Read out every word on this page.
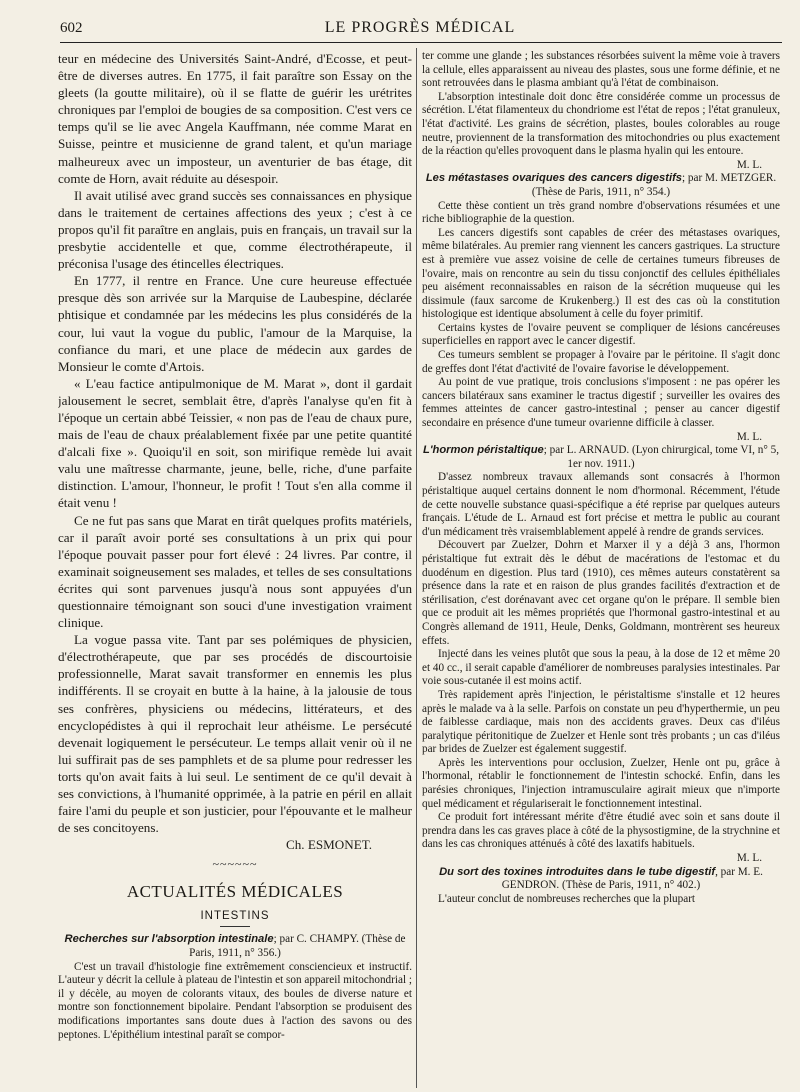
602	LE PROGRÈS MÉDICAL

teur en médecine des Universités Saint-André, d'Ecosse, et peut-être de diverses autres. En 1775, il fait paraître son Essay on the gleets (la goutte militaire), où il se flatte de guérir les urétrites chroniques par l'emploi de bougies de sa composition. C'est vers ce temps qu'il se lie avec Angela Kauffmann, née comme Marat en Suisse, peintre et musicienne de grand talent, et qu'un mariage malheureux avec un imposteur, un aventurier de bas étage, dit comte de Horn, avait réduite au désespoir.

Il avait utilisé avec grand succès ses connaissances en physique dans le traitement de certaines affections des yeux ; c'est à ce propos qu'il fit paraître en anglais, puis en français, un travail sur la presbytie accidentelle et que, comme électrothérapeute, il préconisa l'usage des étincelles électriques.

En 1777, il rentre en France. Une cure heureuse effectuée presque dès son arrivée sur la Marquise de Laubespine, déclarée phtisique et condamnée par les médecins les plus considérés de la cour, lui vaut la vogue du public, l'amour de la Marquise, la confiance du mari, et une place de médecin aux gardes de Monsieur le comte d'Artois.

« L'eau factice antipulmonique de M. Marat », dont il gardait jalousement le secret, semblait être, d'après l'analyse qu'en fit à l'époque un certain abbé Teissier, « non pas de l'eau de chaux pure, mais de l'eau de chaux préalablement fixée par une petite quantité d'alcali fixe ». Quoiqu'il en soit, son mirifique remède lui avait valu une maîtresse charmante, jeune, belle, riche, d'une parfaite distinction. L'amour, l'honneur, le profit ! Tout s'en alla comme il était venu !

Ce ne fut pas sans que Marat en tirât quelques profits matériels, car il paraît avoir porté ses consultations à un prix qui pour l'époque pouvait passer pour fort élevé : 24 livres. Par contre, il examinait soigneusement ses malades, et telles de ses consultations écrites qui sont parvenues jusqu'à nous sont appuyées d'un questionnaire témoignant son souci d'une investigation vraiment clinique.

La vogue passa vite. Tant par ses polémiques de physicien, d'électrothérapeute, que par ses procédés de discourtoisie professionnelle, Marat savait transformer en ennemis les plus indifférents. Il se croyait en butte à la haine, à la jalousie de tous ses confrères, physiciens ou médecins, littérateurs, et des encyclopédistes à qui il reprochait leur athéisme. Le persécuté devenait logiquement le persécuteur. Le temps allait venir où il ne lui suffirait pas de ses pamphlets et de sa plume pour redresser les torts qu'on avait faits à lui seul. Le sentiment de ce qu'il devait à ses convictions, à l'humanité opprimée, à la patrie en péril en allait faire l'ami du peuple et son justicier, pour l'épouvante et le malheur de ses concitoyens.

Ch. ESMONET.

~~~~~~
ACTUALITÉS MÉDICALES
INTESTINS

Recherches sur l'absorption intestinale; par C. CHAMPY. (Thèse de Paris, 1911, n° 356.)

C'est un travail d'histologie fine extrêmement consciencieux et instructif. L'auteur y décrit la cellule à plateau de l'intestin et son appareil mitochondrial ; il y décèle, au moyen de colorants vitaux, des boules de diverse nature et montre son fonctionnement bipolaire. Pendant l'absorption se produisent des modifications importantes sans doute dues à l'action des savons ou des peptones. L'épithélium intestinal paraît se compor-

ter comme une glande ; les substances résorbées suivent la même voie à travers la cellule, elles apparaissent au niveau des plastes, sous une forme définie, et ne sont retrouvées dans le plasma ambiant qu'à l'état de combinaison.

L'absorption intestinale doit donc être considérée comme un processus de sécrétion. L'état filamenteux du chondriome est l'état de repos ; l'état granuleux, l'état d'activité. Les grains de sécrétion, plastes, boules colorables au rouge neutre, proviennent de la transformation des mitochondries ou plus exactement de la réaction qu'elles provoquent dans le plasma hyalin qui les entoure.

M. L.

Les métastases ovariques des cancers digestifs; par M. METZGER. (Thèse de Paris, 1911, n° 354.)

Cette thèse contient un très grand nombre d'observations résumées et une riche bibliographie de la question.

Les cancers digestifs sont capables de créer des métastases ovariques, même bilatérales. Au premier rang viennent les cancers gastriques. La structure est à première vue assez voisine de celle de certaines tumeurs fibreuses de l'ovaire, mais on rencontre au sein du tissu conjonctif des cellules épithéliales peu aisément reconnaissables en raison de la sécrétion muqueuse qui les dissimule (faux sarcome de Krukenberg.) Il est des cas où la constitution histologique est identique absolument à celle du foyer primitif.

Certains kystes de l'ovaire peuvent se compliquer de lésions cancéreuses superficielles en rapport avec le cancer digestif.

Ces tumeurs semblent se propager à l'ovaire par le péritoine. Il s'agit donc de greffes dont l'état d'activité de l'ovaire favorise le développement.

Au point de vue pratique, trois conclusions s'imposent : ne pas opérer les cancers bilatéraux sans examiner le tractus digestif ; surveiller les ovaires des femmes atteintes de cancer gastro-intestinal ; penser au cancer digestif secondaire en présence d'une tumeur ovarienne difficile à classer.

M. L.

L'hormon péristaltique; par L. ARNAUD. (Lyon chirurgical, tome VI, n° 5, 1er nov. 1911.)

D'assez nombreux travaux allemands sont consacrés à l'hormon péristaltique auquel certains donnent le nom d'hormonal. Récemment, l'étude de cette nouvelle substance quasi-spécifique a été reprise par quelques auteurs français. L'étude de L. Arnaud est fort précise et mettra le public au courant d'un médicament très vraisemblablement appelé à rendre de grands services.

Découvert par Zuelzer, Dohrn et Marxer il y a déjà 3 ans, l'hormon péristaltique fut extrait dès le début de macérations de l'estomac et du duodénum en digestion. Plus tard (1910), ces mêmes auteurs constatèrent sa présence dans la rate et en raison de plus grandes facilités d'extraction et de stérilisation, c'est dorénavant avec cet organe qu'on le prépare. Il semble bien que ce produit ait les mêmes propriétés que l'hormonal gastro-intestinal et au Congrès allemand de 1911, Heule, Denks, Goldmann, montrèrent ses heureux effets.

Injecté dans les veines plutôt que sous la peau, à la dose de 12 et même 20 et 40 cc., il serait capable d'améliorer de nombreuses paralysies intestinales. Par voie sous-cutanée il est moins actif.

Très rapidement après l'injection, le péristaltisme s'installe et 12 heures après le malade va à la selle. Parfois on constate un peu d'hyperthermie, un peu de faiblesse cardiaque, mais non des accidents graves. Deux cas d'iléus paralytique péritonitique de Zuelzer et Henle sont très probants ; un cas d'iléus par brides de Zuelzer est également suggestif.

Après les interventions pour occlusion, Zuelzer, Henle ont pu, grâce à l'hormonal, rétablir le fonctionnement de l'intestin schocké. Enfin, dans les parésies chroniques, l'injection intramusculaire agirait mieux que n'importe quel médicament et régulariserait le fonctionnement intestinal.

Ce produit fort intéressant mérite d'être étudié avec soin et sans doute il prendra dans les cas graves place à côté de la physostigmine, de la strychnine et dans les cas chroniques atténués à côté des laxatifs habituels.

M. L.

Du sort des toxines introduites dans le tube digestif, par M. E. GENDRON. (Thèse de Paris, 1911, n° 402.)

L'auteur conclut de nombreuses recherches que la plupart
